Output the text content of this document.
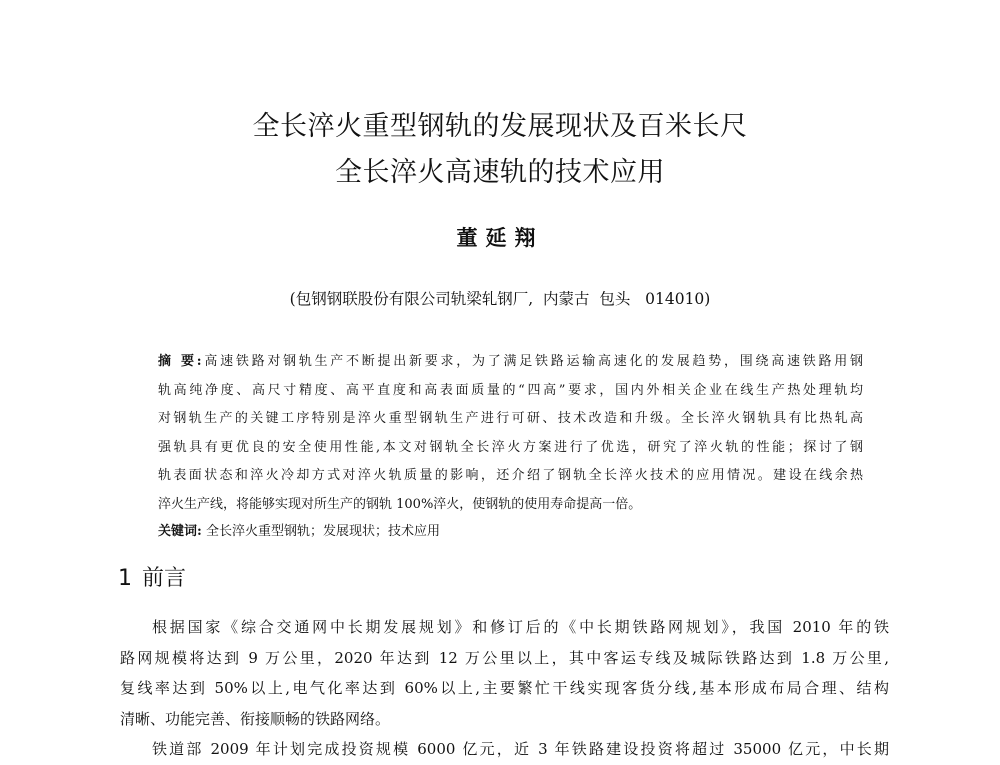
全长淬火重型钢轨的发展现状及百米长尺
全长淬火高速轨的技术应用
董延翔
(包钢钢联股份有限公司轨梁轧钢厂,  内蒙古  包头   014010)
摘 要:高速铁路对钢轨生产不断提出新要求，为了满足铁路运输高速化的发展趋势，围绕高速铁路用钢
轨高纯净度、高尺寸精度、高平直度和高表面质量的“四高”要求，国内外相关企业在线生产热处理轨均
对钢轨生产的关键工序特别是淬火重型钢轨生产进行可研、技术改造和升级。全长淬火钢轨具有比热轧高
强轨具有更优良的安全使用性能,本文对钢轨全长淬火方案进行了优选，研究了淬火轨的性能；探讨了钢
轨表面状态和淬火冷却方式对淬火轨质量的影响，还介绍了钢轨全长淬火技术的应用情况。建设在线余热
淬火生产线，将能够实现对所生产的钢轨 100%淬火，使钢轨的使用寿命提高一倍。
关键词: 全长淬火重型钢轨；发展现状；技术应用
1 前言
根据国家《综合交通网中长期发展规划》和修订后的《中长期铁路网规划》，我国 2010 年的铁
路网规模将达到 9 万公里，2020 年达到 12 万公里以上，其中客运专线及城际铁路达到 1.8 万公里,
复线率达到 50%以上,电气化率达到 60%以上,主要繁忙干线实现客货分线,基本形成布局合理、结构
清晰、功能完善、衔接顺畅的铁路网络。
铁道部 2009 年计划完成投资规模 6000 亿元，近 3 年铁路建设投资将超过 35000 亿元，中长期
